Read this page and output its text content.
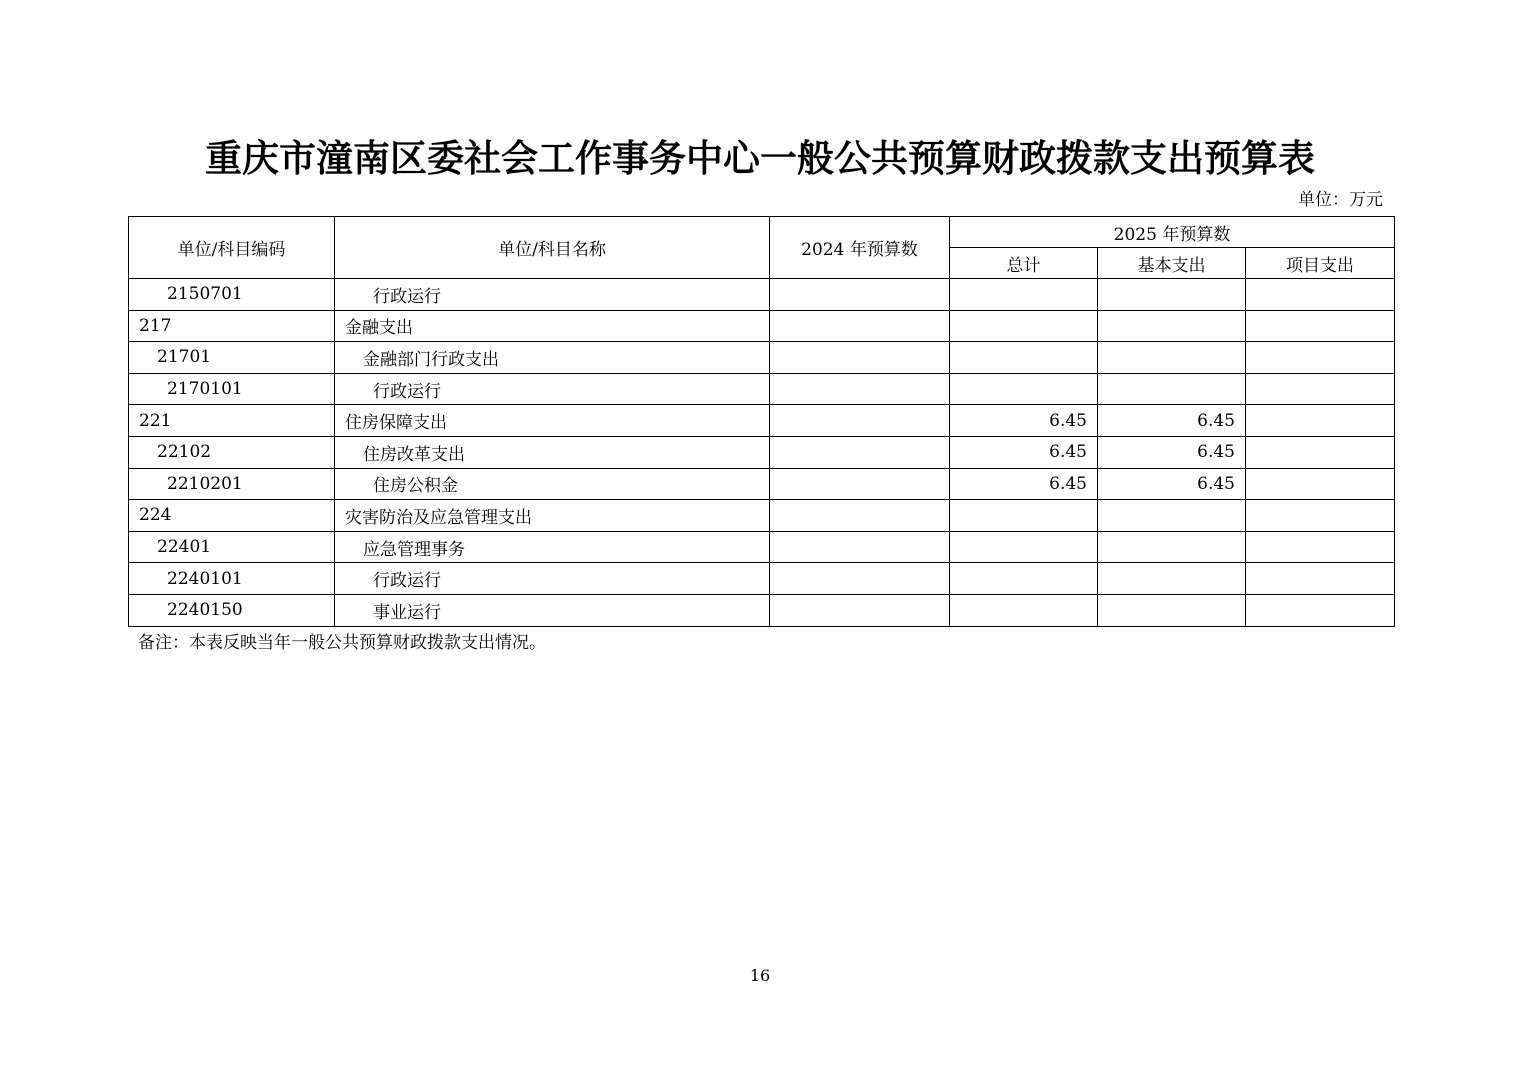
重庆市潼南区委社会工作事务中心一般公共预算财政拨款支出预算表
单位：万元
单位/科目编码	单位/科目名称	2024 年预算数	2025 年预算数		
			总计	基本支出	项目支出
2150701	行政运行				
217	金融支出				
21701	金融部门行政支出				
2170101	行政运行				
221	住房保障支出		6.45	6.45	
22102	住房改革支出		6.45	6.45	
2210201	住房公积金		6.45	6.45	
224	灾害防治及应急管理支出				
22401	应急管理事务				
2240101	行政运行				
2240150	事业运行				
备注：本表反映当年一般公共预算财政拨款支出情况。
16
